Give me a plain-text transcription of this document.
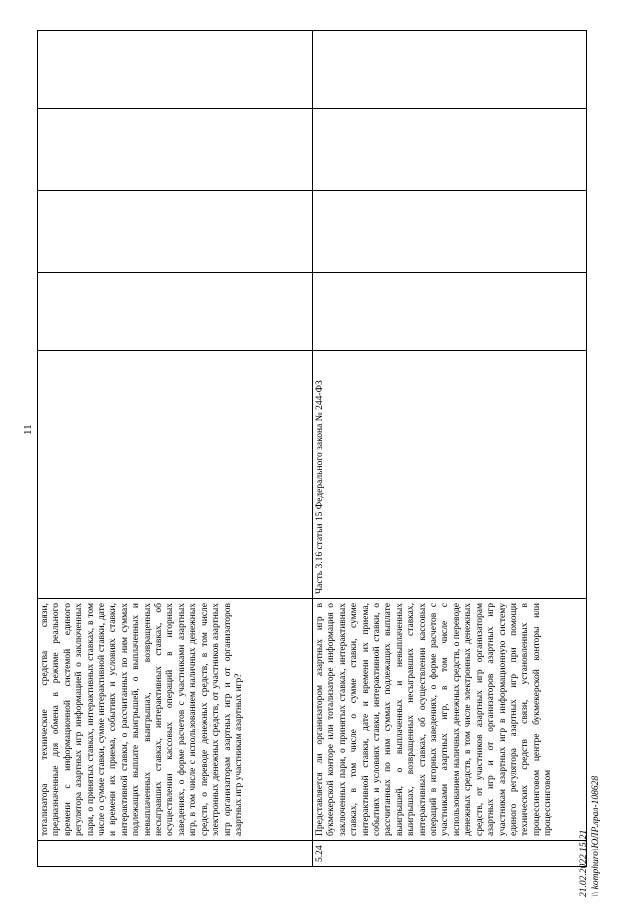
11
	тотализатора технические средства связи, предназначенные для обмена в режиме реального времени с информационной системой единого регулятора азартных игр информацией о заключенных пари, о принятых ставках, интерактивных ставках, в том числе о сумме ставки, сумме интерактивной ставки, дате и времени их приема, событиях и условиях ставки, интерактивной ставки, о рассчитанных по ним суммах подлежащих выплате выигрышей, о выплаченных и невыплаченных выигрышах, возвращенных несыгравших ставках, интерактивных ставках, об осуществлении кассовых операций в игорных заведениях, о форме расчетов с участниками азартных игр, в том числе с использованием наличных денежных средств, о переводе денежных средств, в том числе электронных денежных средств, от участников азартных игр организаторам азартных игр и от организаторов азартных игр участникам азартных игр?					
5.24	Представляется ли организатором азартных игр в букмекерской конторе или тотализаторе информация о заключенных пари, о принятых ставках, интерактивных ставках, в том числе о сумме ставки, сумме интерактивной ставки, дате и времени их приема, событиях и условиях ставки, интерактивной ставки, о рассчитанных по ним суммах подлежащих выплате выигрышей, о выплаченных и невыплаченных выигрышах, возвращенных несыгравших ставках, интерактивных ставках, об осуществлении кассовых операций в игорных заведениях, о форме расчетов с участниками азартных игр, в том числе с использованием наличных денежных средств, о переводе денежных средств, в том числе электронных денежных средств, от участников азартных игр организаторам азартных игр и от организаторов азартных игр участникам азартных игр в информационную систему единого регулятора азартных игр при помощи технических средств связи, установленных в процессинговом центре букмекерской конторы или процессинговом	Часть 3.16 статьи 15 Федерального закона № 244-ФЗ				
21.02.2022 15:21 \\ komphuro\ЮЛР.лрал-108628
